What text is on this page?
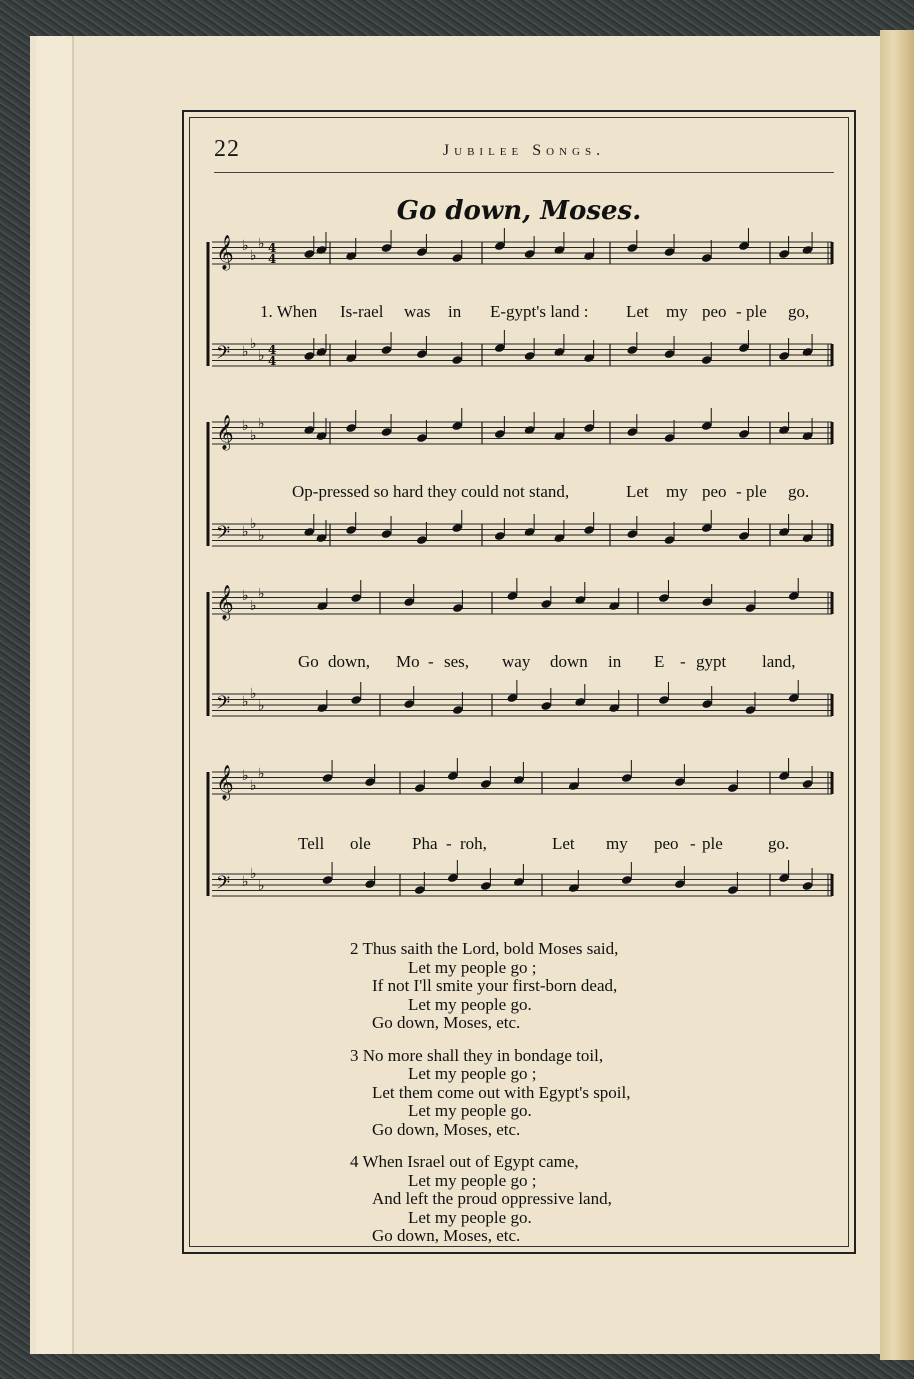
22	Jubilee Songs.
Go down, Moses.
𝄞 ♭
♭
♭ 4
4
𝄢 ♭ ♭
♭ 4
4
𝄞 ♭
♭
♭
𝄢 ♭ ♭
♭
𝄞 ♭
♭
♭
𝄢 ♭ ♭
♭
𝄞 ♭
♭
♭
𝄢 ♭ ♭
♭
1. When Is-rael was in E-gypt's land : Let my peo - ple go,
Op-pressed so hard they could not stand,	Let my peo - ple go.
Go down, Mo - ses, way down in E - gypt land,
Tell ole Pha - roh,	Let my peo - ple	go.
2 Thus saith the Lord, bold Moses said,
Let my people go ;
If not I'll smite your first-born dead,
Let my people go.
Go down, Moses, etc.
3 No more shall they in bondage toil,
Let my people go ;
Let them come out with Egypt's spoil,
Let my people go.
Go down, Moses, etc.
4 When Israel out of Egypt came,
Let my people go ;
And left the proud oppressive land,
Let my people go.
Go down, Moses, etc.
